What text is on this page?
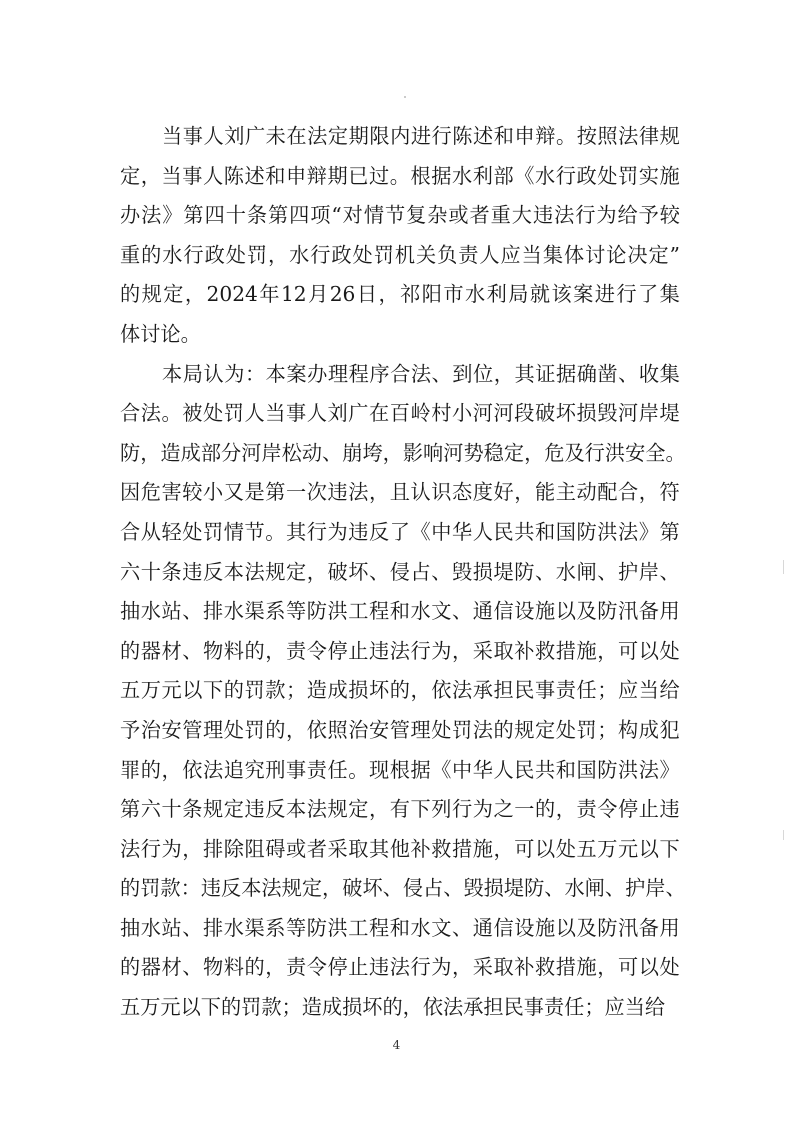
当 事 人 刘 广 未 在 法 定 期 限 内 进 行 陈 述 和 申 辩 。 按 照 法 律 规
定 ， 当 事 人 陈 述 和 申 辩 期 已 过 。 根 据 水 利 部 《 水 行 政 处 罚 实 施
办 法 》 第 四 十 条 第 四 项 “ 对 情 节 复 杂 或 者 重 大 违 法 行 为 给 予 较
重 的 水 行 政 处 罚 ， 水 行 政 处 罚 机 关 负 责 人 应 当 集 体 讨 论 决 定 ”
的 规 定 ， 2024 年 12 月 26 日 ， 祁 阳 市 水 利 局 就 该 案 进 行 了 集
体讨论。
本 局 认 为 ： 本 案 办 理 程 序 合 法 、 到 位 ， 其 证 据 确 凿 、 收 集
合 法 。 被 处 罚 人 当 事 人 刘 广 在 百 岭 村 小 河 河 段 破 坏 损 毁 河 岸 堤
防 ， 造 成 部 分 河 岸 松 动 、 崩 垮 ， 影 响 河 势 稳 定 ， 危 及 行 洪 安 全 。
因 危 害 较 小 又 是 第 一 次 违 法 ， 且 认 识 态 度 好 ， 能 主 动 配 合 ， 符
合 从 轻 处 罚 情 节 。 其 行 为 违 反 了 《 中 华 人 民 共 和 国 防 洪 法 》 第
六 十 条 违 反 本 法 规 定 ， 破 坏 、 侵 占 、 毁 损 堤 防 、 水 闸 、 护 岸 、
抽 水 站 、 排 水 渠 系 等 防 洪 工 程 和 水 文 、 通 信 设 施 以 及 防 汛 备 用
的 器 材 、 物 料 的 ， 责 令 停 止 违 法 行 为 ， 采 取 补 救 措 施 ， 可 以 处
五 万 元 以 下 的 罚 款 ； 造 成 损 坏 的 ， 依 法 承 担 民 事 责 任 ； 应 当 给
予 治 安 管 理 处 罚 的 ， 依 照 治 安 管 理 处 罚 法 的 规 定 处 罚 ； 构 成 犯
罪 的 ， 依 法 追 究 刑 事 责 任 。 现 根 据 《 中 华 人 民 共 和 国 防 洪 法 》
第 六 十 条 规 定 违 反 本 法 规 定 ， 有 下 列 行 为 之 一 的 ， 责 令 停 止 违
法 行 为 ， 排 除 阻 碍 或 者 采 取 其 他 补 救 措 施 ， 可 以 处 五 万 元 以 下
的 罚 款 ： 违 反 本 法 规 定 ， 破 坏 、 侵 占 、 毁 损 堤 防 、 水 闸 、 护 岸 、
抽 水 站 、 排 水 渠 系 等 防 洪 工 程 和 水 文 、 通 信 设 施 以 及 防 汛 备 用
的 器 材 、 物 料 的 ， 责 令 停 止 违 法 行 为 ， 采 取 补 救 措 施 ， 可 以 处
五万元以下的罚款；造成损坏的，依法承担民事责任；应当给
4
